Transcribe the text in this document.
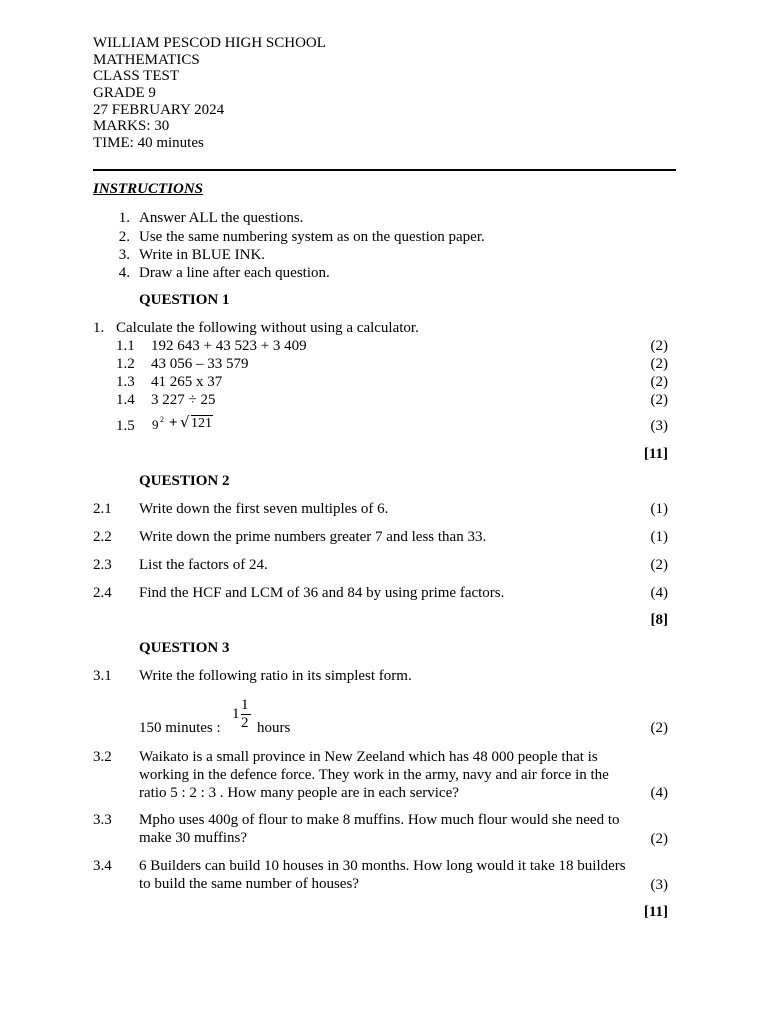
WILLIAM PESCOD HIGH SCHOOL
MATHEMATICS
CLASS TEST
GRADE 9
27 FEBRUARY 2024
MARKS: 30
TIME: 40 minutes
INSTRUCTIONS
1. Answer ALL the questions.
2. Use the same numbering system as on the question paper.
3. Write in BLUE INK.
4. Draw a line after each question.
QUESTION 1
1. Calculate the following without using a calculator.
1.1 192 643 + 43 523 + 3 409	(2)
1.2 43 056 – 33 579	(2)
1.3 41 265 x 37	(2)
1.4 3 227 ÷ 25	(2)
1.5 9 2 + √ 121	(3)
[11]
QUESTION 2
2.1 Write down the first seven multiples of 6.	(1)
2.2 Write down the prime numbers greater 7 and less than 33.	(1)
2.3 List the factors of 24.	(2)
2.4 Find the HCF and LCM of 36 and 84 by using prime factors.	(4)
[8]
QUESTION 3
3.1 Write the following ratio in its simplest form.
150 minutes :
1
1
2 hours	(2)
3.2 Waikato is a small province in New Zeeland which has 48 000 people that is
working in the defence force. They work in the army, navy and air force in the
ratio 5 : 2 : 3 . How many people are in each service?	(4)
3.3 Mpho uses 400g of flour to make 8 muffins. How much flour would she need to
make 30 muffins?	(2)
3.4 6 Builders can build 10 houses in 30 months. How long would it take 18 builders
to build the same number of houses?	(3)
[11]
